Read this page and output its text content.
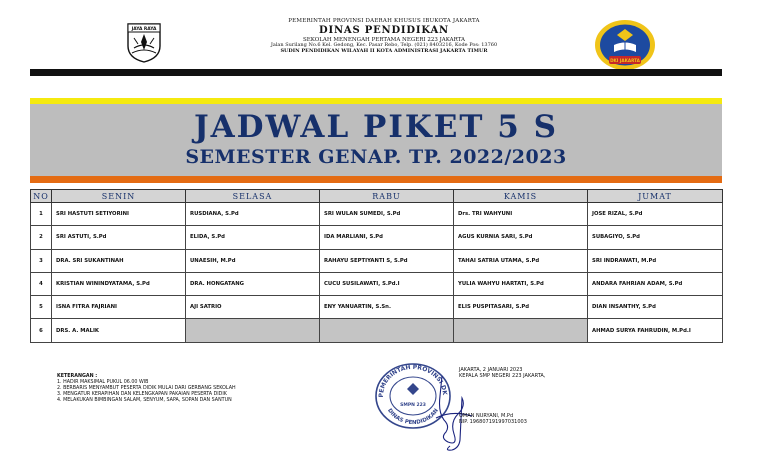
JAYA RAYA
PEMERINTAH PROVINSI DAERAH KHUSUS IBUKOTA JAKARTA
DINAS PENDIDIKAN
SEKOLAH MENENGAH PERTAMA NEGERI 223 JAKARTA
Jalan Surilang No.6 Kel. Gedong, Kec. Pasar Rebo, Telp. (021) 8403216, Kode Pos: 13760
SUDIN PENDIDIKAN WILAYAH II KOTA ADMINISTRASI JAKARTA TIMUR
DKI JAKARTA
JADWAL PIKET 5 S
SEMESTER GENAP. TP. 2022/2023
NO	SENIN	SELASA	RABU	KAMIS	JUMAT
1	SRI HASTUTI SETIYORINI	RUSDIANA, S.Pd	SRI WULAN SUMEDI, S.Pd	Drs. TRI WAHYUNI	JOSE RIZAL, S.Pd
2	SRI ASTUTI, S.Pd	ELIDA, S.Pd	IDA MARLIANI, S.Pd	AGUS KURNIA SARI, S.Pd	SUBAGIYO, S.Pd
3	DRA. SRI SUKANTINAH	UNAESIH, M.Pd	RAHAYU SEPTIYANTI S, S.Pd	TAHAI SATRIA UTAMA, S.Pd	SRI INDRAWATI, M.Pd
4	KRISTIAN WININDYATAMA, S.Pd	DRA. HONGATANG	CUCU SUSILAWATI, S.Pd.I	YULIA WAHYU HARTATI, S.Pd	ANDARA FAHRIAN ADAM, S.Pd
5	ISNA FITRA FAJRIANI	AJI SATRIO	ENY YANUARTIN, S.Sn.	ELIS PUSPITASARI, S.Pd	DIAN INSANTHY, S.Pd
6	DRS. A. MALIK				AHMAD SURYA FAHRUDIN, M.Pd.I
KETERANGAN :
1. HADIR MAKSIMAL PUKUL 06.00 WIB
2. BERBARIS MENYAMBUT PESERTA DIDIK MULAI DARI GERBANG SEKOLAH
3. MENGATUR KERAPIHAN DAN KELENGKAPAN PAKAIAN PESERTA DIDIK
4. MELAKUKAN BIMBINGAN SALAM, SENYUM, SAPA, SOPAN DAN SANTUN
PEMERINTAH PROVINSI DK
DINAS PENDIDIKAN
SMPN 223
JAKARTA, 2 JANUARI 2023
KEPALA SMP NEGERI 223 JAKARTA,
OMAN NURYANI, M.Pd
NIP. 196807191997031003
